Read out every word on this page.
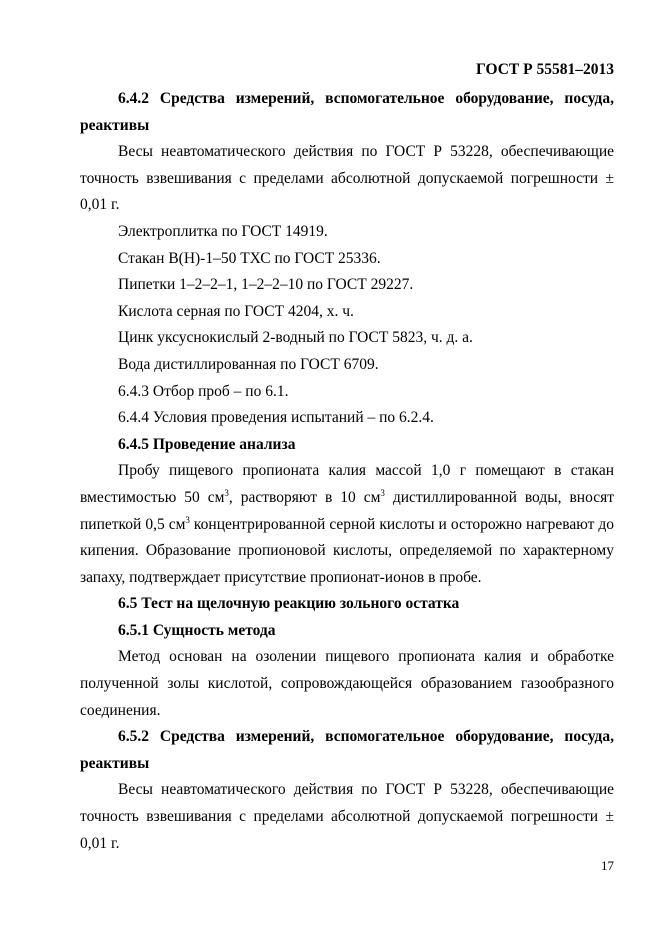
ГОСТ Р 55581–2013

6.4.2 Средства измерений, вспомогательное оборудование, посуда, реактивы

Весы неавтоматического действия по ГОСТ Р 53228, обеспечивающие точность взвешивания с пределами абсолютной допускаемой погрешности ± 0,01 г.

Электроплитка по ГОСТ 14919.

Стакан В(Н)-1–50 ТХС по ГОСТ 25336.

Пипетки 1–2–2–1, 1–2–2–10 по ГОСТ 29227.

Кислота серная по ГОСТ 4204, х. ч.

Цинк уксуснокислый 2-водный по ГОСТ 5823, ч. д. а.

Вода дистиллированная по ГОСТ 6709.

6.4.3 Отбор проб – по 6.1.

6.4.4 Условия проведения испытаний – по 6.2.4.

6.4.5 Проведение анализа

Пробу пищевого пропионата калия массой 1,0 г помещают в стакан вместимостью 50 $см^3$, растворяют в 10 $см^3$ дистиллированной воды, вносят пипеткой 0,5 $см^3$ концентрированной серной кислоты и осторожно нагревают до кипения. Образование пропионовой кислоты, определяемой по характерному запаху, подтверждает присутствие пропионат-ионов в пробе.

6.5 Тест на щелочную реакцию зольного остатка

6.5.1 Сущность метода

Метод основан на озолении пищевого пропионата калия и обработке полученной золы кислотой, сопровождающейся образованием газообразного соединения.

6.5.2 Средства измерений, вспомогательное оборудование, посуда, реактивы

Весы неавтоматического действия по ГОСТ Р 53228, обеспечивающие точность взвешивания с пределами абсолютной допускаемой погрешности ± 0,01 г.

17
